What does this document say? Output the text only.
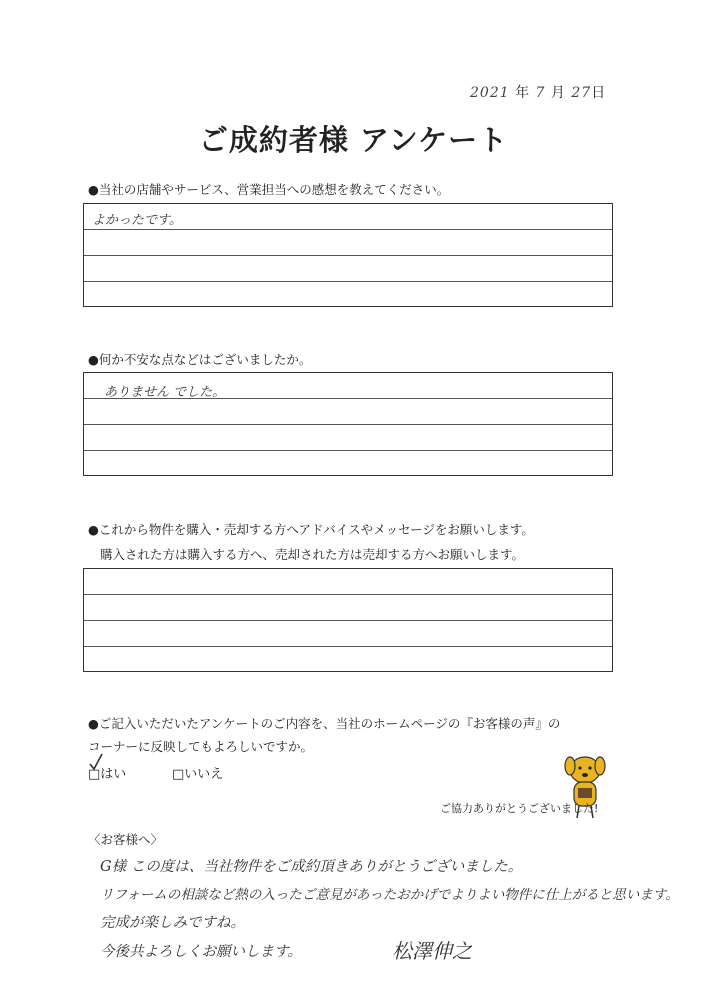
2021 年 7 月 27日
ご成約者様 アンケート
●当社の店舗やサービス、営業担当への感想を教えてください。
よかったです。
●何か不安な点などはございましたか。
ありません でした。
●これから物件を購入・売却する方へアドバイスやメッセージをお願いします。
購入された方は購入する方へ、売却された方は売却する方へお願いします。
●ご記入いただいたアンケートのご内容を、当社のホームページの『お客様の声』の
コーナーに反映してもよろしいですか。
□はい	□いいえ
ご協力ありがとうございました!
〈お客様へ〉
G様 この度は、当社物件をご成約頂きありがとうございました。
リフォームの相談など熱の入ったご意見があったおかげでよりよい物件に仕上がると思います。
完成が楽しみですね。
今後共よろしくお願いします。	松澤伸之
